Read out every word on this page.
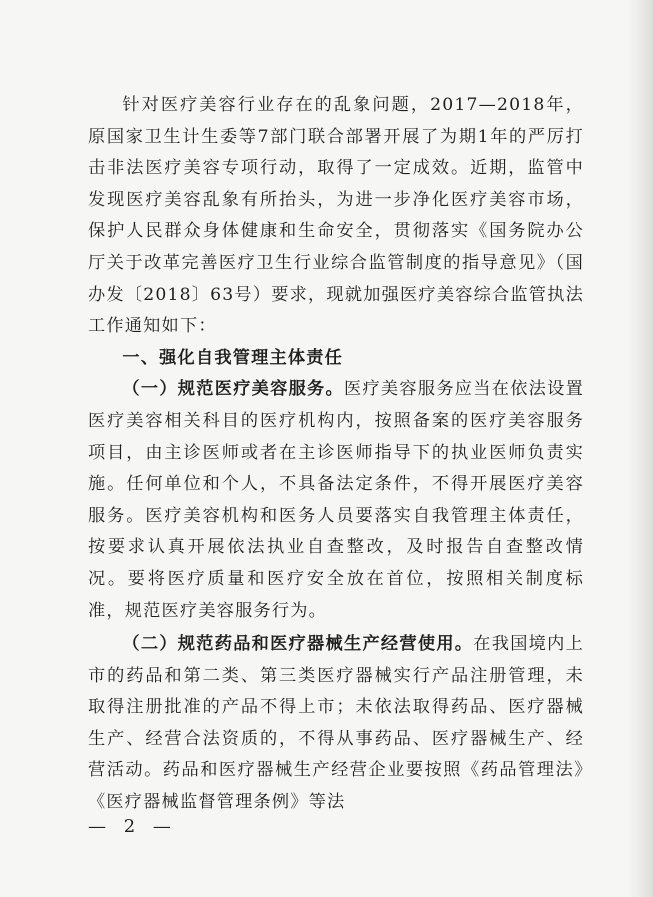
针对医疗美容行业存在的乱象问题，2017—2018年，原国家卫生计生委等7部门联合部署开展了为期1年的严厉打击非法医疗美容专项行动，取得了一定成效。近期，监管中发现医疗美容乱象有所抬头，为进一步净化医疗美容市场，保护人民群众身体健康和生命安全，贯彻落实《国务院办公厅关于改革完善医疗卫生行业综合监管制度的指导意见》（国办发〔2018〕63号）要求，现就加强医疗美容综合监管执法工作通知如下：

一、强化自我管理主体责任

（一）规范医疗美容服务。医疗美容服务应当在依法设置医疗美容相关科目的医疗机构内，按照备案的医疗美容服务项目，由主诊医师或者在主诊医师指导下的执业医师负责实施。任何单位和个人，不具备法定条件，不得开展医疗美容服务。医疗美容机构和医务人员要落实自我管理主体责任，按要求认真开展依法执业自查整改，及时报告自查整改情况。要将医疗质量和医疗安全放在首位，按照相关制度标准，规范医疗美容服务行为。

（二）规范药品和医疗器械生产经营使用。在我国境内上市的药品和第二类、第三类医疗器械实行产品注册管理，未取得注册批准的产品不得上市；未依法取得药品、医疗器械生产、经营合法资质的，不得从事药品、医疗器械生产、经营活动。药品和医疗器械生产经营企业要按照《药品管理法》《医疗器械监督管理条例》等法

— 2 —
